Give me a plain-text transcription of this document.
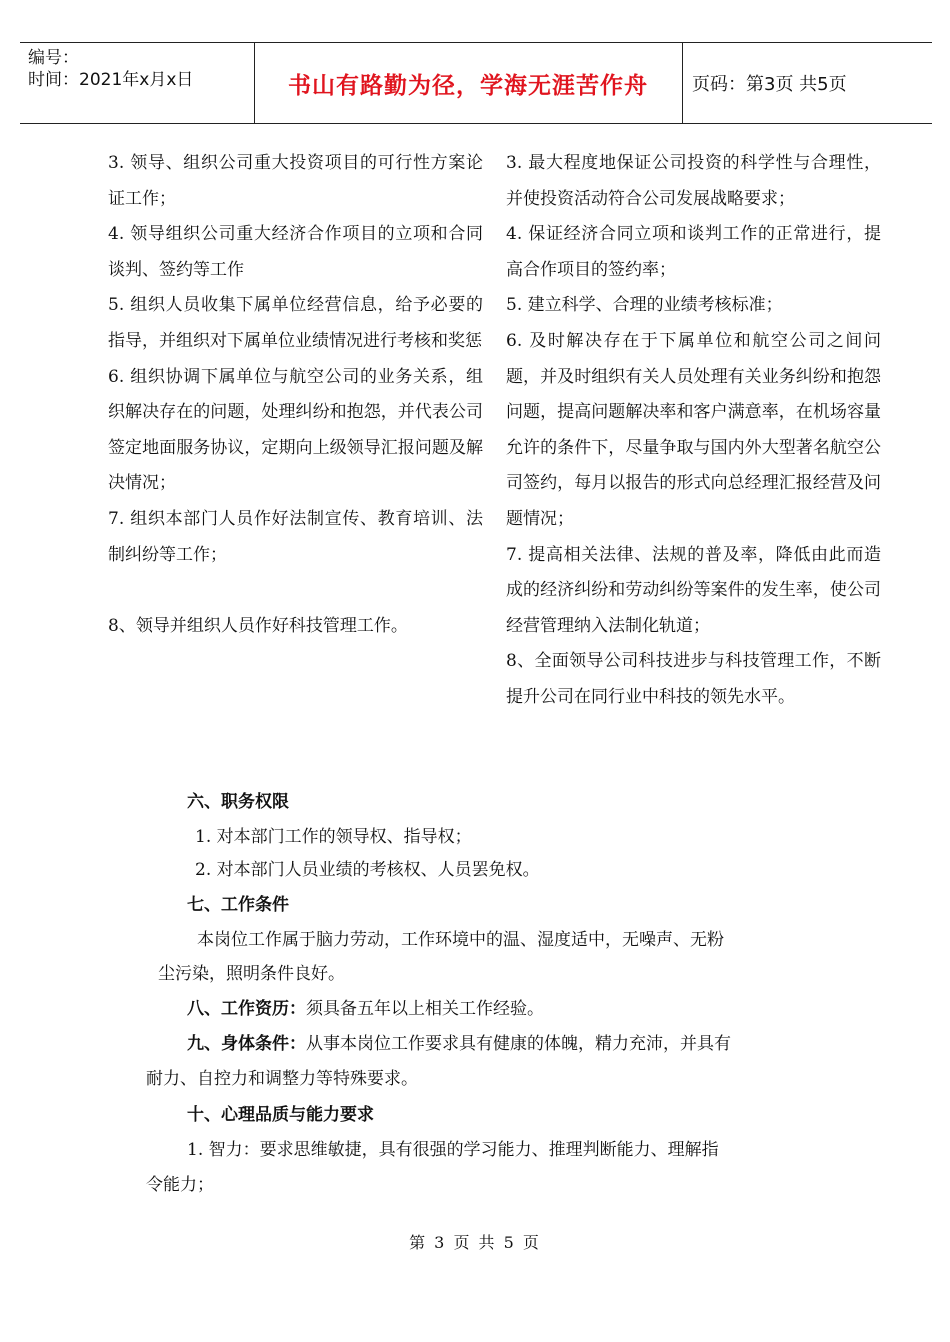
编号：
时间：2021年x月x日	书山有路勤为径，学海无涯苦作舟	页码：第3页 共5页

3. 领导、组织公司重大投资项目的可行性方案论证工作；

4. 领导组织公司重大经济合作项目的立项和合同谈判、签约等工作

5. 组织人员收集下属单位经营信息，给予必要的指导，并组织对下属单位业绩情况进行考核和奖惩

6. 组织协调下属单位与航空公司的业务关系，组织解决存在的问题，处理纠纷和抱怨，并代表公司签定地面服务协议，定期向上级领导汇报问题及解决情况；

7. 组织本部门人员作好法制宣传、教育培训、法制纠纷等工作；

8、领导并组织人员作好科技管理工作。

3. 最大程度地保证公司投资的科学性与合理性，并使投资活动符合公司发展战略要求；

4. 保证经济合同立项和谈判工作的正常进行，提高合作项目的签约率；

5. 建立科学、合理的业绩考核标准；

6. 及时解决存在于下属单位和航空公司之间问题，并及时组织有关人员处理有关业务纠纷和抱怨问题，提高问题解决率和客户满意率，在机场容量允许的条件下，尽量争取与国内外大型著名航空公司签约，每月以报告的形式向总经理汇报经营及问题情况；

7. 提高相关法律、法规的普及率，降低由此而造成的经济纠纷和劳动纠纷等案件的发生率，使公司经营管理纳入法制化轨道；

8、全面领导公司科技进步与科技管理工作，不断提升公司在同行业中科技的领先水平。

六、职务权限
1. 对本部门工作的领导权、指导权；
2. 对本部门人员业绩的考核权、人员罢免权。
七、工作条件
本岗位工作属于脑力劳动，工作环境中的温、湿度适中，无噪声、无粉
尘污染，照明条件良好。
八、工作资历：须具备五年以上相关工作经验。
九、身体条件：从事本岗位工作要求具有健康的体魄，精力充沛，并具有
耐力、自控力和调整力等特殊要求。
十、心理品质与能力要求
1. 智力：要求思维敏捷，具有很强的学习能力、推理判断能力、理解指
令能力；
第 3 页 共 5 页
